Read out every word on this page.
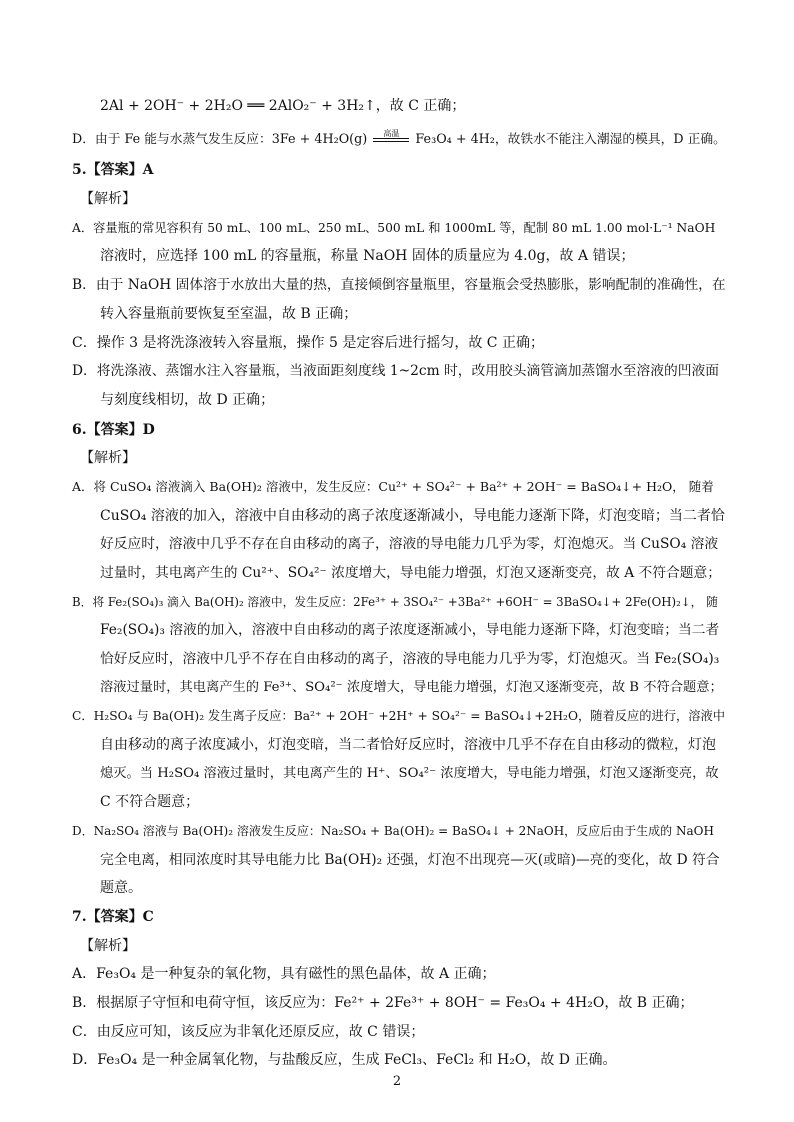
2Al + 2OH⁻ + 2H₂O ══ 2AlO₂⁻ + 3H₂↑，故 C 正确；
D．由于 Fe 能与水蒸气发生反应：3Fe + 4H₂O(g)	高温	Fe₃O₄ + 4H₂，故铁水不能注入潮湿的模具，D 正确。
5.【答案】A
【解析】
A．容量瓶的常见容积有 50 mL、100 mL、250 mL、500 mL 和 1000mL 等，配制 80 mL 1.00 mol·L⁻¹ NaOH
溶液时，应选择 100 mL 的容量瓶，称量 NaOH 固体的质量应为 4.0g，故 A 错误；
B．由于 NaOH 固体溶于水放出大量的热，直接倾倒容量瓶里，容量瓶会受热膨胀，影响配制的准确性，在
转入容量瓶前要恢复至室温，故 B 正确；
C．操作 3 是将洗涤液转入容量瓶，操作 5 是定容后进行摇匀，故 C 正确；
D．将洗涤液、蒸馏水注入容量瓶，当液面距刻度线 1~2cm 时，改用胶头滴管滴加蒸馏水至溶液的凹液面
与刻度线相切，故 D 正确；
6.【答案】D
【解析】
A．将 CuSO₄ 溶液滴入 Ba(OH)₂ 溶液中，发生反应：Cu²⁺ + SO₄²⁻ + Ba²⁺ + 2OH⁻ = BaSO₄↓+ H₂O， 随着
CuSO₄ 溶液的加入，溶液中自由移动的离子浓度逐渐减小，导电能力逐渐下降，灯泡变暗；当二者恰
好反应时，溶液中几乎不存在自由移动的离子，溶液的导电能力几乎为零，灯泡熄灭。当 CuSO₄ 溶液
过量时，其电离产生的 Cu²⁺、SO₄²⁻ 浓度增大，导电能力增强，灯泡又逐渐变亮，故 A 不符合题意；
B．将 Fe₂(SO₄)₃ 滴入 Ba(OH)₂ 溶液中，发生反应：2Fe³⁺ + 3SO₄²⁻ +3Ba²⁺ +6OH⁻ = 3BaSO₄↓+ 2Fe(OH)₂↓， 随
Fe₂(SO₄)₃ 溶液的加入，溶液中自由移动的离子浓度逐渐减小，导电能力逐渐下降，灯泡变暗；当二者
恰好反应时，溶液中几乎不存在自由移动的离子，溶液的导电能力几乎为零，灯泡熄灭。当 Fe₂(SO₄)₃
溶液过量时，其电离产生的 Fe³⁺、SO₄²⁻ 浓度增大，导电能力增强，灯泡又逐渐变亮，故 B 不符合题意；
C．H₂SO₄ 与 Ba(OH)₂ 发生离子反应：Ba²⁺ + 2OH⁻ +2H⁺ + SO₄²⁻ = BaSO₄↓+2H₂O，随着反应的进行，溶液中
自由移动的离子浓度减小，灯泡变暗，当二者恰好反应时，溶液中几乎不存在自由移动的微粒，灯泡
熄灭。当 H₂SO₄ 溶液过量时，其电离产生的 H⁺、SO₄²⁻ 浓度增大，导电能力增强，灯泡又逐渐变亮，故
C 不符合题意；
D．Na₂SO₄ 溶液与 Ba(OH)₂ 溶液发生反应：Na₂SO₄ + Ba(OH)₂ = BaSO₄↓ + 2NaOH，反应后由于生成的 NaOH
完全电离，相同浓度时其导电能力比 Ba(OH)₂ 还强，灯泡不出现亮—灭(或暗)—亮的变化，故 D 符合
题意。
7.【答案】C
【解析】
A．Fe₃O₄ 是一种复杂的氧化物，具有磁性的黑色晶体，故 A 正确；
B．根据原子守恒和电荷守恒，该反应为：Fe²⁺ + 2Fe³⁺ + 8OH⁻ = Fe₃O₄ + 4H₂O，故 B 正确；
C．由反应可知，该反应为非氧化还原反应，故 C 错误；
D．Fe₃O₄ 是一种金属氧化物，与盐酸反应，生成 FeCl₃、FeCl₂ 和 H₂O，故 D 正确。
2
